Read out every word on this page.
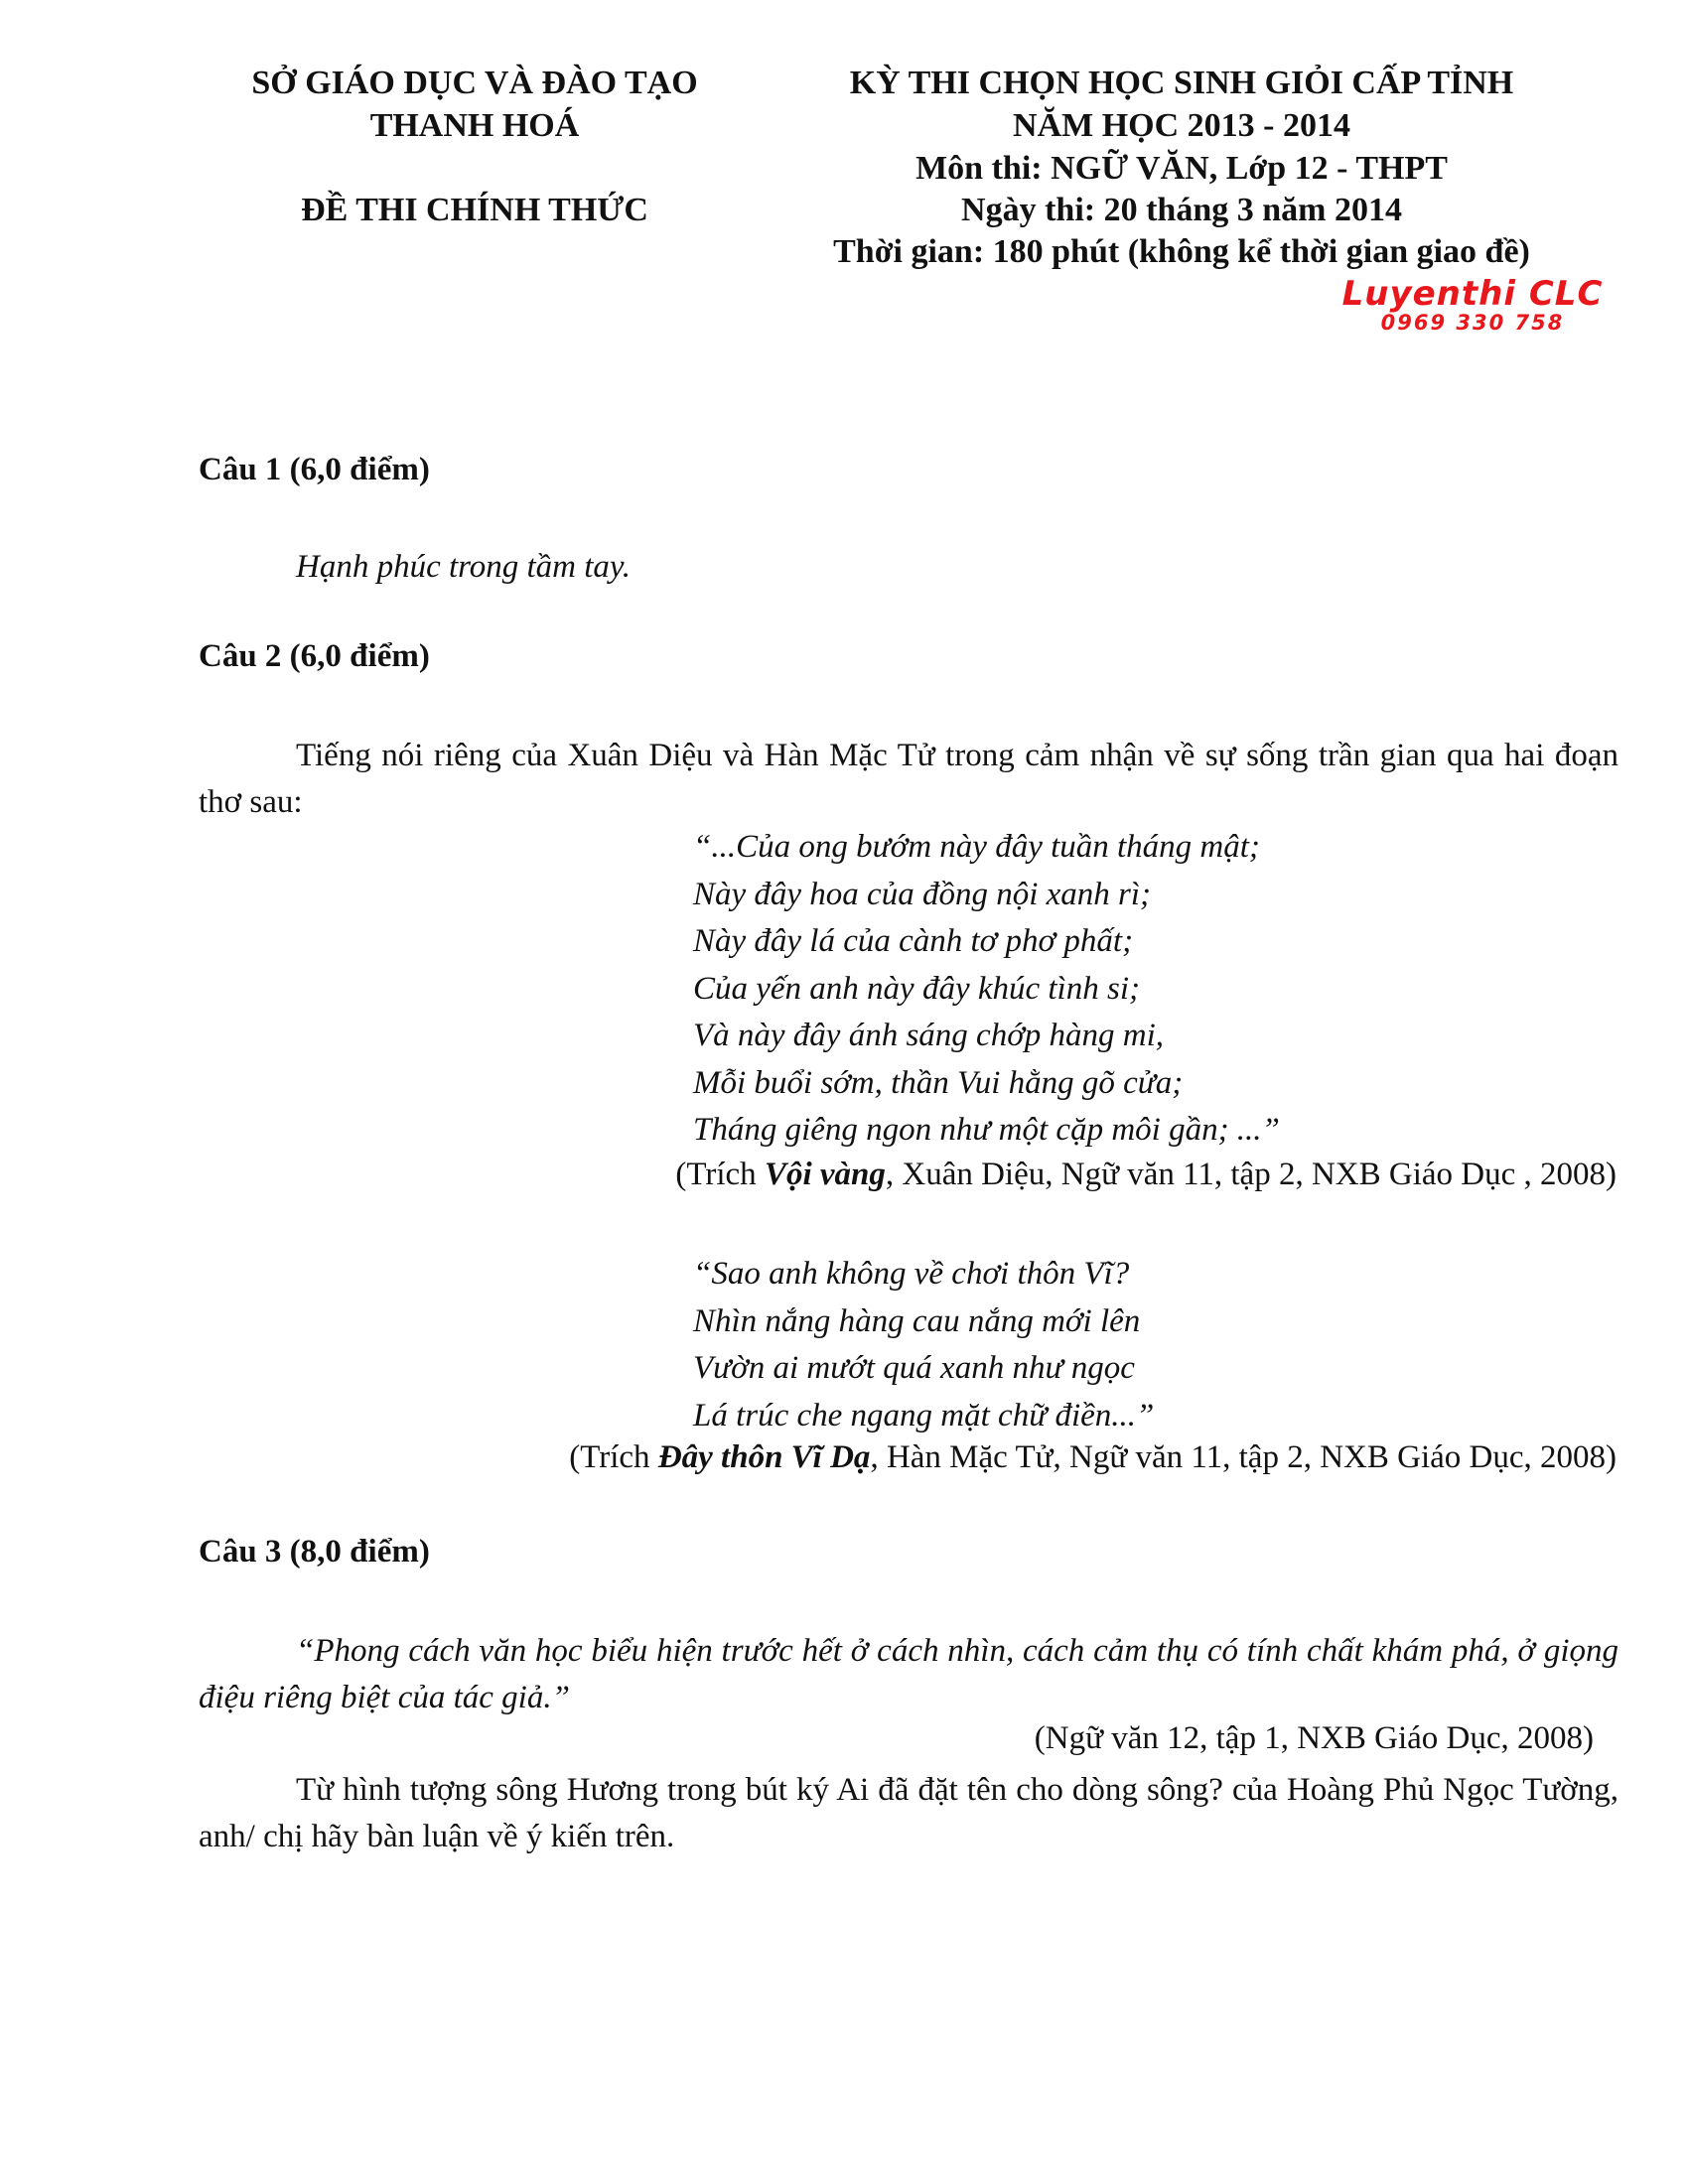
SỞ GIÁO DỤC VÀ ĐÀO TẠO
THANH HOÁ
ĐỀ THI CHÍNH THỨC
KỲ THI CHỌN HỌC SINH GIỎI CẤP TỈNH
NĂM HỌC 2013 - 2014
Môn thi: NGỮ VĂN, Lớp 12 - THPT
Ngày thi: 20 tháng 3 năm 2014
Thời gian: 180 phút (không kể thời gian giao đề)
Luyenthi CLC
0969 330 758
Câu 1 (6,0 điểm)
Hạnh phúc trong tầm tay.
Câu 2 (6,0 điểm)
Tiếng nói riêng của Xuân Diệu và Hàn Mặc Tử trong cảm nhận về sự sống trần gian qua hai đoạn thơ sau:
“...Của ong bướm này đây tuần tháng mật;
Này đây hoa của đồng nội xanh rì;
Này đây lá của cành tơ phơ phất;
Của yến anh này đây khúc tình si;
Và này đây ánh sáng chớp hàng mi,
Mỗi buổi sớm, thần Vui hằng gõ cửa;
Tháng giêng ngon như một cặp môi gần; ...”
(Trích Vội vàng, Xuân Diệu, Ngữ văn 11, tập 2, NXB Giáo Dục , 2008)
“Sao anh không về chơi thôn Vĩ?
Nhìn nắng hàng cau nắng mới lên
Vườn ai mướt quá xanh như ngọc
Lá trúc che ngang mặt chữ điền...”
(Trích Đây thôn Vĩ Dạ, Hàn Mặc Tử, Ngữ văn 11, tập 2, NXB Giáo Dục, 2008)
Câu 3 (8,0 điểm)
“Phong cách văn học biểu hiện trước hết ở cách nhìn, cách cảm thụ có tính chất khám phá, ở giọng điệu riêng biệt của tác giả.”
(Ngữ văn 12, tập 1, NXB Giáo Dục, 2008)
Từ hình tượng sông Hương trong bút ký Ai đã đặt tên cho dòng sông? của Hoàng Phủ Ngọc Tường, anh/ chị hãy bàn luận về ý kiến trên.
